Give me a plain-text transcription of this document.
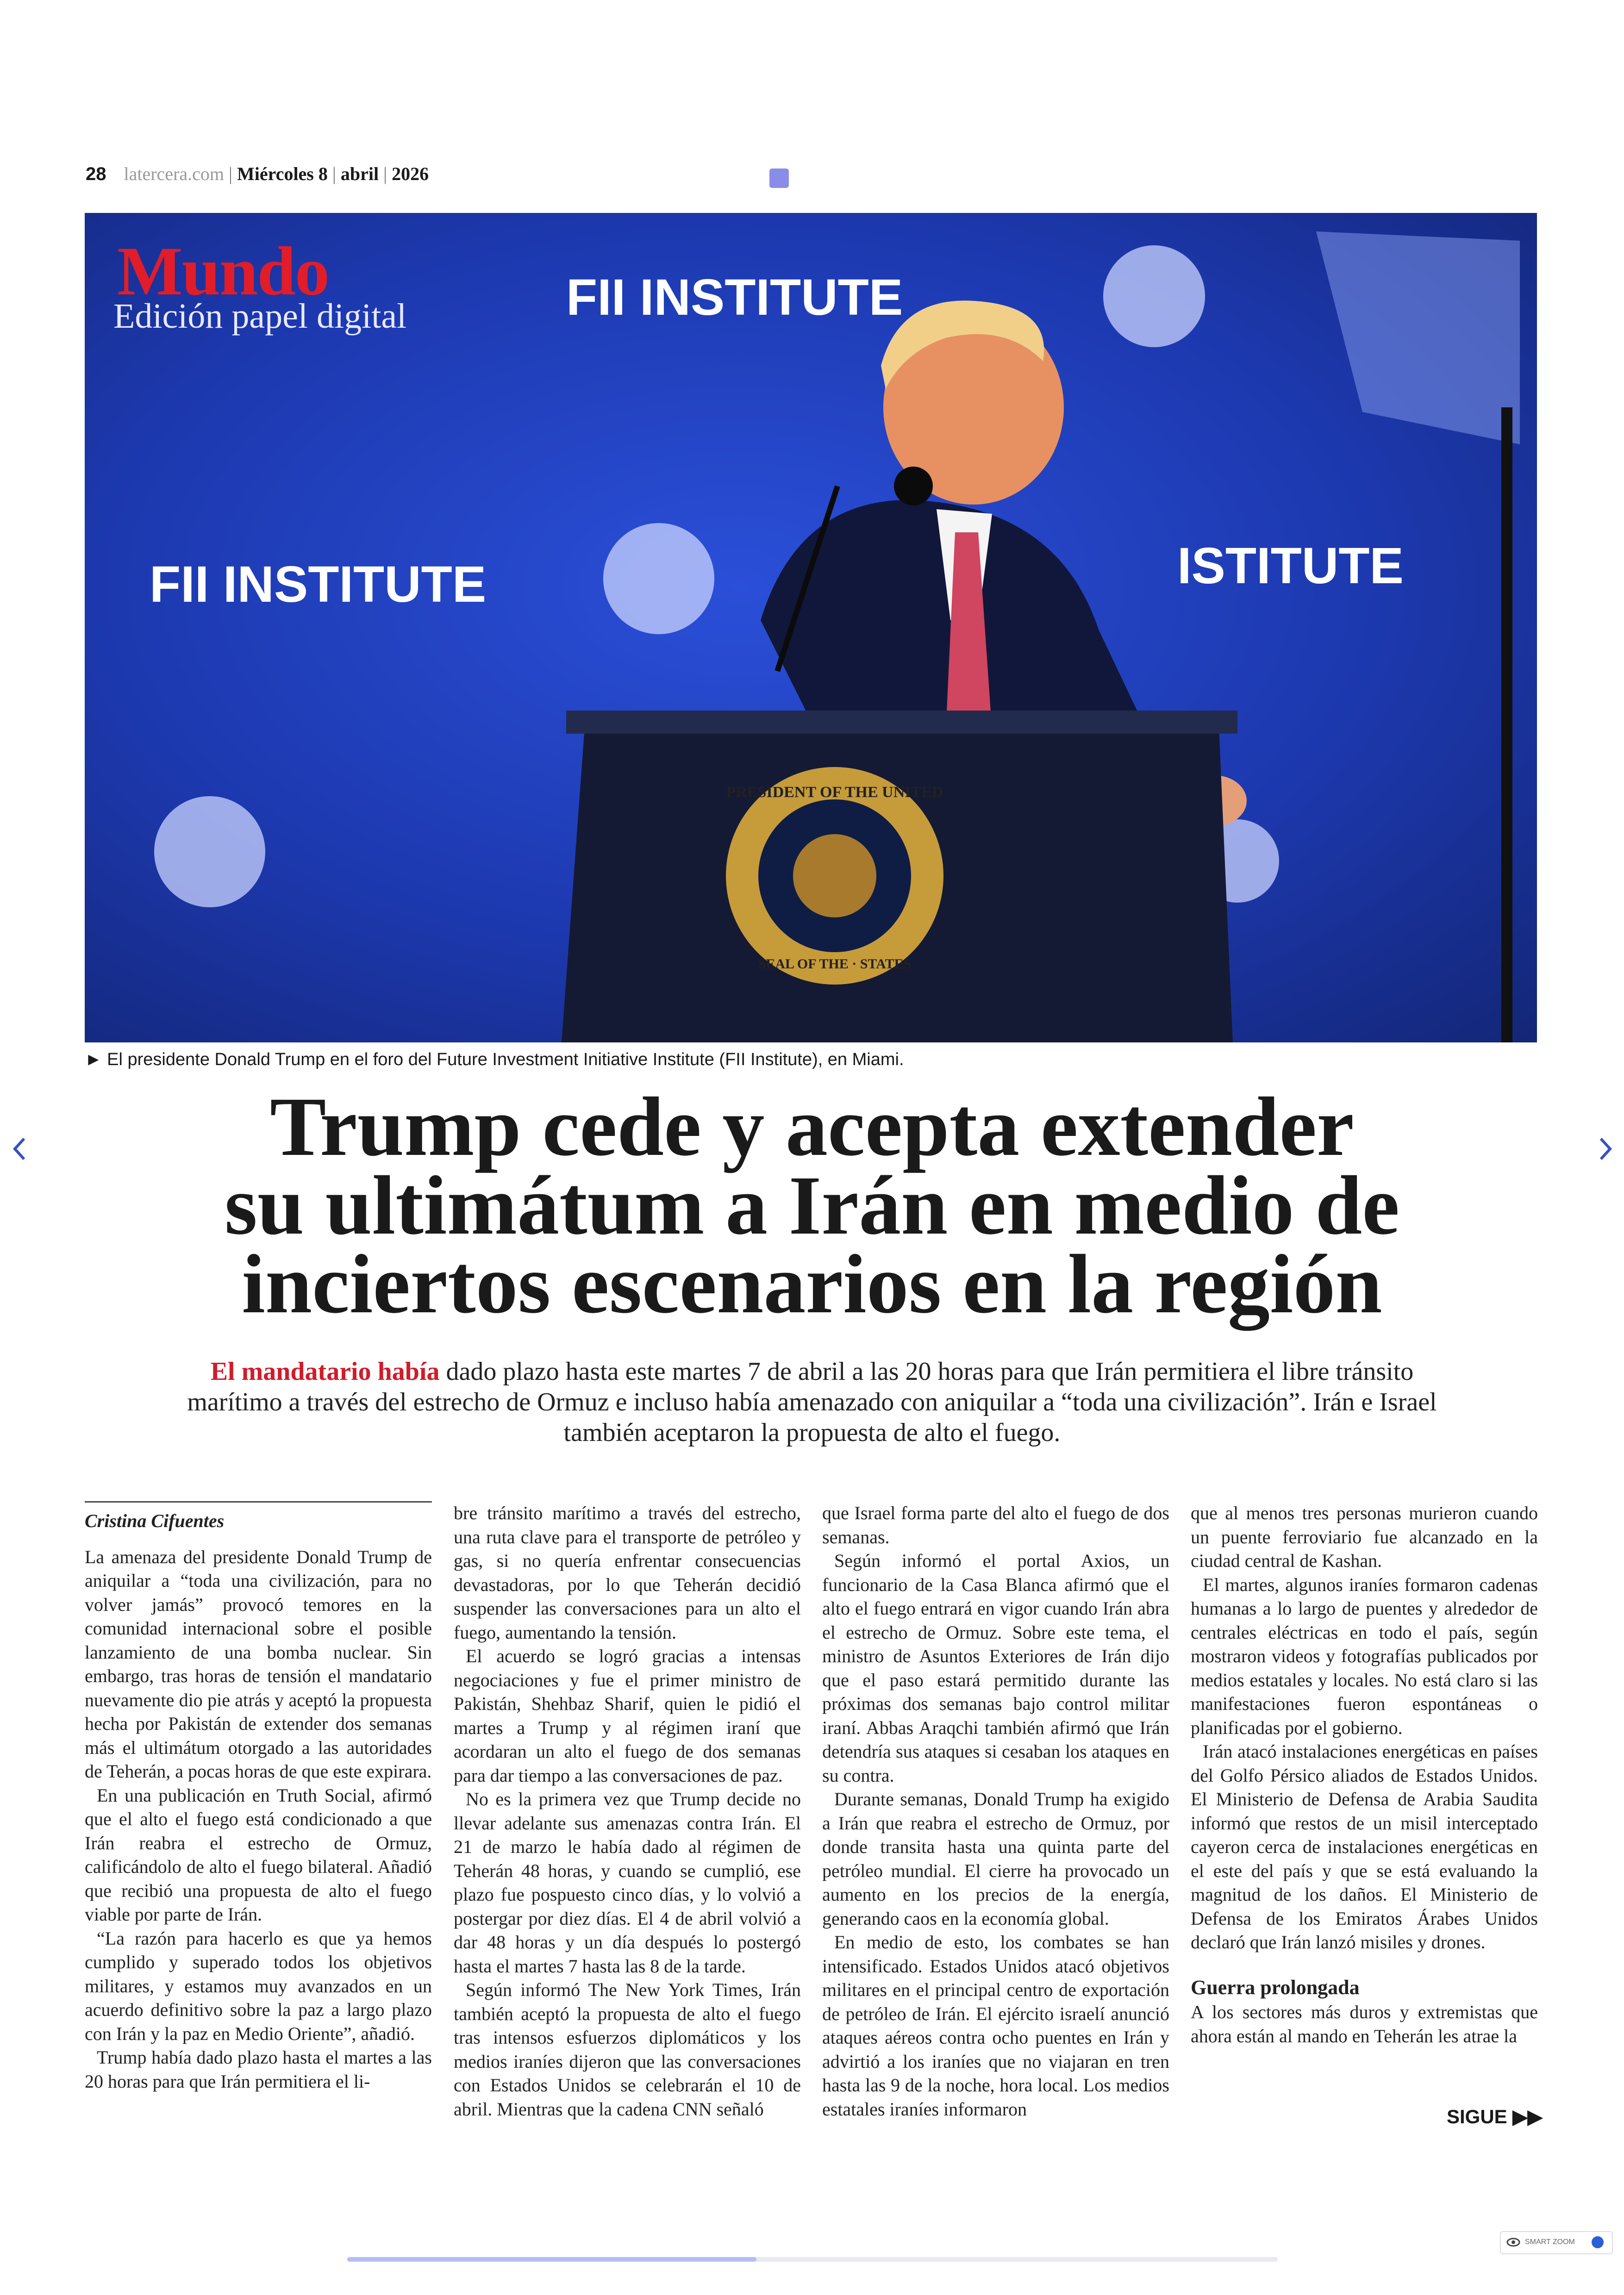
28 latercera.com | Miércoles 8 | abril | 2026
FII INSTITUTE
FII INSTITUTE	ISTITUTE
PRESIDENT OF THE UNITED
SEAL OF THE · STATES
Mundo
Edición papel digital
► El presidente Donald Trump en el foro del Future Investment Initiative Institute (FII Institute), en Miami.
Trump cede y acepta extender
su ultimátum a Irán en medio de
inciertos escenarios en la región
El mandatario había dado plazo hasta este martes 7 de abril a las 20 horas para que Irán permitiera el libre tránsito marítimo a través del estrecho de Ormuz e incluso había amenazado con aniquilar a “toda una civilización”. Irán e Israel también aceptaron la propuesta de alto el fuego.
Cristina Cifuentes

La amenaza del presidente Donald Trump de aniquilar a “toda una civilización, para no volver jamás” provocó temores en la comunidad internacional sobre el posible lanzamiento de una bomba nuclear. Sin embargo, tras horas de tensión el mandatario nuevamente dio pie atrás y aceptó la propuesta hecha por Pakistán de extender dos semanas más el ultimátum otorgado a las autoridades de Teherán, a pocas horas de que este expirara.

En una publicación en Truth Social, afirmó que el alto el fuego está condicionado a que Irán reabra el estrecho de Ormuz, calificándolo de alto el fuego bilateral. Añadió que recibió una propuesta de alto el fuego viable por parte de Irán.

“La razón para hacerlo es que ya hemos cumplido y superado todos los objetivos militares, y estamos muy avanzados en un acuerdo definitivo sobre la paz a largo plazo con Irán y la paz en Medio Oriente”, añadió.

Trump había dado plazo hasta el martes a las 20 horas para que Irán permitiera el li-

bre tránsito marítimo a través del estrecho, una ruta clave para el transporte de petróleo y gas, si no quería enfrentar consecuencias devastadoras, por lo que Teherán decidió suspender las conversaciones para un alto el fuego, aumentando la tensión.

El acuerdo se logró gracias a intensas negociaciones y fue el primer ministro de Pakistán, Shehbaz Sharif, quien le pidió el martes a Trump y al régimen iraní que acordaran un alto el fuego de dos semanas para dar tiempo a las conversaciones de paz.

No es la primera vez que Trump decide no llevar adelante sus amenazas contra Irán. El 21 de marzo le había dado al régimen de Teherán 48 horas, y cuando se cumplió, ese plazo fue pospuesto cinco días, y lo volvió a postergar por diez días. El 4 de abril volvió a dar 48 horas y un día después lo postergó hasta el martes 7 hasta las 8 de la tarde.

Según informó The New York Times, Irán también aceptó la propuesta de alto el fuego tras intensos esfuerzos diplomáticos y los medios iraníes dijeron que las conversaciones con Estados Unidos se celebrarán el 10 de abril. Mientras que la cadena CNN señaló

que Israel forma parte del alto el fuego de dos semanas.

Según informó el portal Axios, un funcionario de la Casa Blanca afirmó que el alto el fuego entrará en vigor cuando Irán abra el estrecho de Ormuz. Sobre este tema, el ministro de Asuntos Exteriores de Irán dijo que el paso estará permitido durante las próximas dos semanas bajo control militar iraní. Abbas Araqchi también afirmó que Irán detendría sus ataques si cesaban los ataques en su contra.

Durante semanas, Donald Trump ha exigido a Irán que reabra el estrecho de Ormuz, por donde transita hasta una quinta parte del petróleo mundial. El cierre ha provocado un aumento en los precios de la energía, generando caos en la economía global.

En medio de esto, los combates se han intensificado. Estados Unidos atacó objetivos militares en el principal centro de exportación de petróleo de Irán. El ejército israelí anunció ataques aéreos contra ocho puentes en Irán y advirtió a los iraníes que no viajaran en tren hasta las 9 de la noche, hora local. Los medios estatales iraníes informaron

que al menos tres personas murieron cuando un puente ferroviario fue alcanzado en la ciudad central de Kashan.

El martes, algunos iraníes formaron cadenas humanas a lo largo de puentes y alrededor de centrales eléctricas en todo el país, según mostraron videos y fotografías publicados por medios estatales y locales. No está claro si las manifestaciones fueron espontáneas o planificadas por el gobierno.

Irán atacó instalaciones energéticas en países del Golfo Pérsico aliados de Estados Unidos. El Ministerio de Defensa de Arabia Saudita informó que restos de un misil interceptado cayeron cerca de instalaciones energéticas en el este del país y que se está evaluando la magnitud de los daños. El Ministerio de Defensa de los Emiratos Árabes Unidos declaró que Irán lanzó misiles y drones.

Guerra prolongada

A los sectores más duros y extremistas que ahora están al mando en Teherán les atrae la

SIGUE ▶▶
SMART ZOOM
